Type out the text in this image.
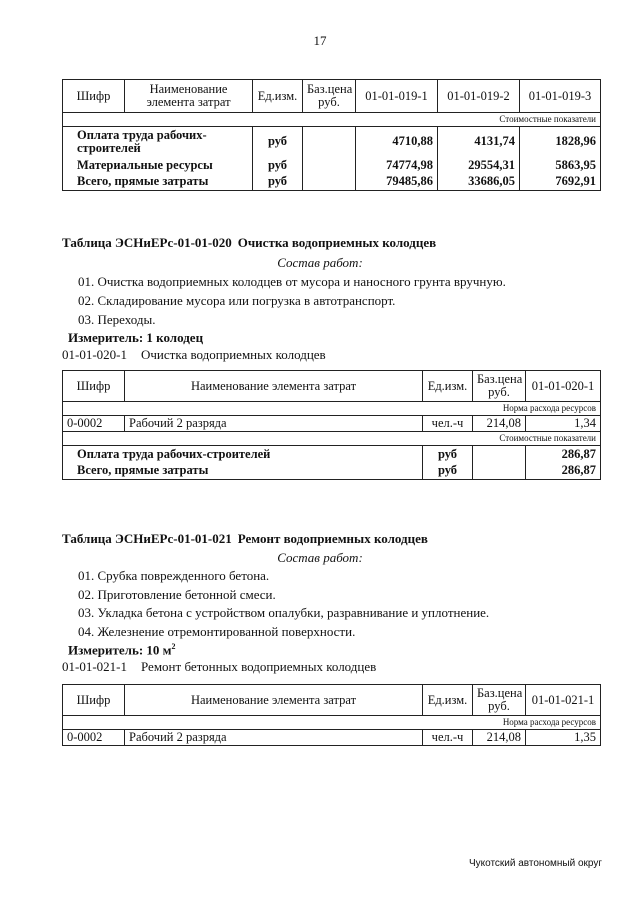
17
Шифр	Наименование элемента затрат	Ед.изм.	Баз.цена руб.	01-01-019-1	01-01-019-2	01-01-019-3
Стоимостные показатели						
Оплата труда рабочих-строителей		руб		4710,88	4131,74	1828,96
Материальные ресурсы		руб		74774,98	29554,31	5863,95
Всего, прямые затраты		руб		79485,86	33686,05	7692,91
Таблица ЭСНиЕРс-01-01-020 Очистка водоприемных колодцев
Состав работ:
01. Очистка водоприемных колодцев от мусора и наносного грунта вручную.
02. Складирование мусора или погрузка в автотранспорт.
03. Переходы.
Измеритель: 1 колодец
01-01-020-1 Очистка водоприемных колодцев
Шифр	Наименование элемента затрат	Ед.изм.	Баз.цена руб.	01-01-020-1
Норма расхода ресурсов				
0-0002	Рабочий 2 разряда	чел.-ч	214,08	1,34
Стоимостные показатели				
Оплата труда рабочих-строителей		руб		286,87
Всего, прямые затраты		руб		286,87
Таблица ЭСНиЕРс-01-01-021 Ремонт водоприемных колодцев
Состав работ:
01. Срубка поврежденного бетона.
02. Приготовление бетонной смеси.
03. Укладка бетона с устройством опалубки, разравнивание и уплотнение.
04. Железнение отремонтированной поверхности.
Измеритель: 10 $м^2$
01-01-021-1 Ремонт бетонных водоприемных колодцев
Шифр	Наименование элемента затрат	Ед.изм.	Баз.цена руб.	01-01-021-1
Норма расхода ресурсов				
0-0002	Рабочий 2 разряда	чел.-ч	214,08	1,35
Чукотский автономный округ
